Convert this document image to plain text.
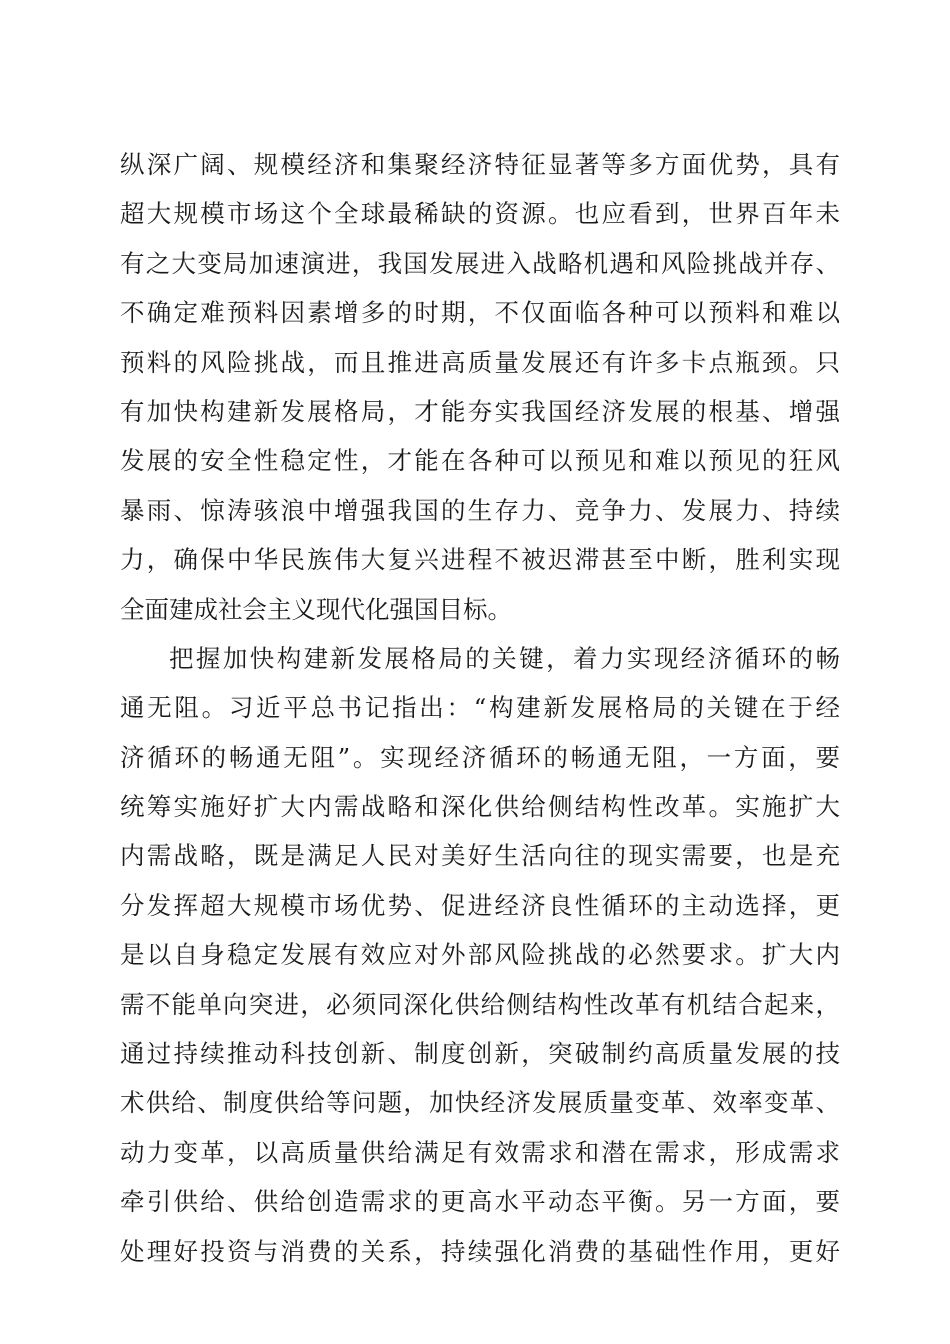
纵深广阔、规模经济和集聚经济特征显著等多方面优势，具有
超大规模市场这个全球最稀缺的资源。也应看到，世界百年未
有之大变局加速演进，我国发展进入战略机遇和风险挑战并存、
不确定难预料因素增多的时期，不仅面临各种可以预料和难以
预料的风险挑战，而且推进高质量发展还有许多卡点瓶颈。只
有加快构建新发展格局，才能夯实我国经济发展的根基、增强
发展的安全性稳定性，才能在各种可以预见和难以预见的狂风
暴雨、惊涛骇浪中增强我国的生存力、竞争力、发展力、持续
力，确保中华民族伟大复兴进程不被迟滞甚至中断，胜利实现
全面建成社会主义现代化强国目标。
把握加快构建新发展格局的关键，着力实现经济循环的畅
通无阻。习近平总书记指出：“构建新发展格局的关键在于经
济循环的畅通无阻”。实现经济循环的畅通无阻，一方面，要
统筹实施好扩大内需战略和深化供给侧结构性改革。实施扩大
内需战略，既是满足人民对美好生活向往的现实需要，也是充
分发挥超大规模市场优势、促进经济良性循环的主动选择，更
是以自身稳定发展有效应对外部风险挑战的必然要求。扩大内
需不能单向突进，必须同深化供给侧结构性改革有机结合起来，
通过持续推动科技创新、制度创新，突破制约高质量发展的技
术供给、制度供给等问题，加快经济发展质量变革、效率变革、
动力变革，以高质量供给满足有效需求和潜在需求，形成需求
牵引供给、供给创造需求的更高水平动态平衡。另一方面，要
处理好投资与消费的关系，持续强化消费的基础性作用，更好
